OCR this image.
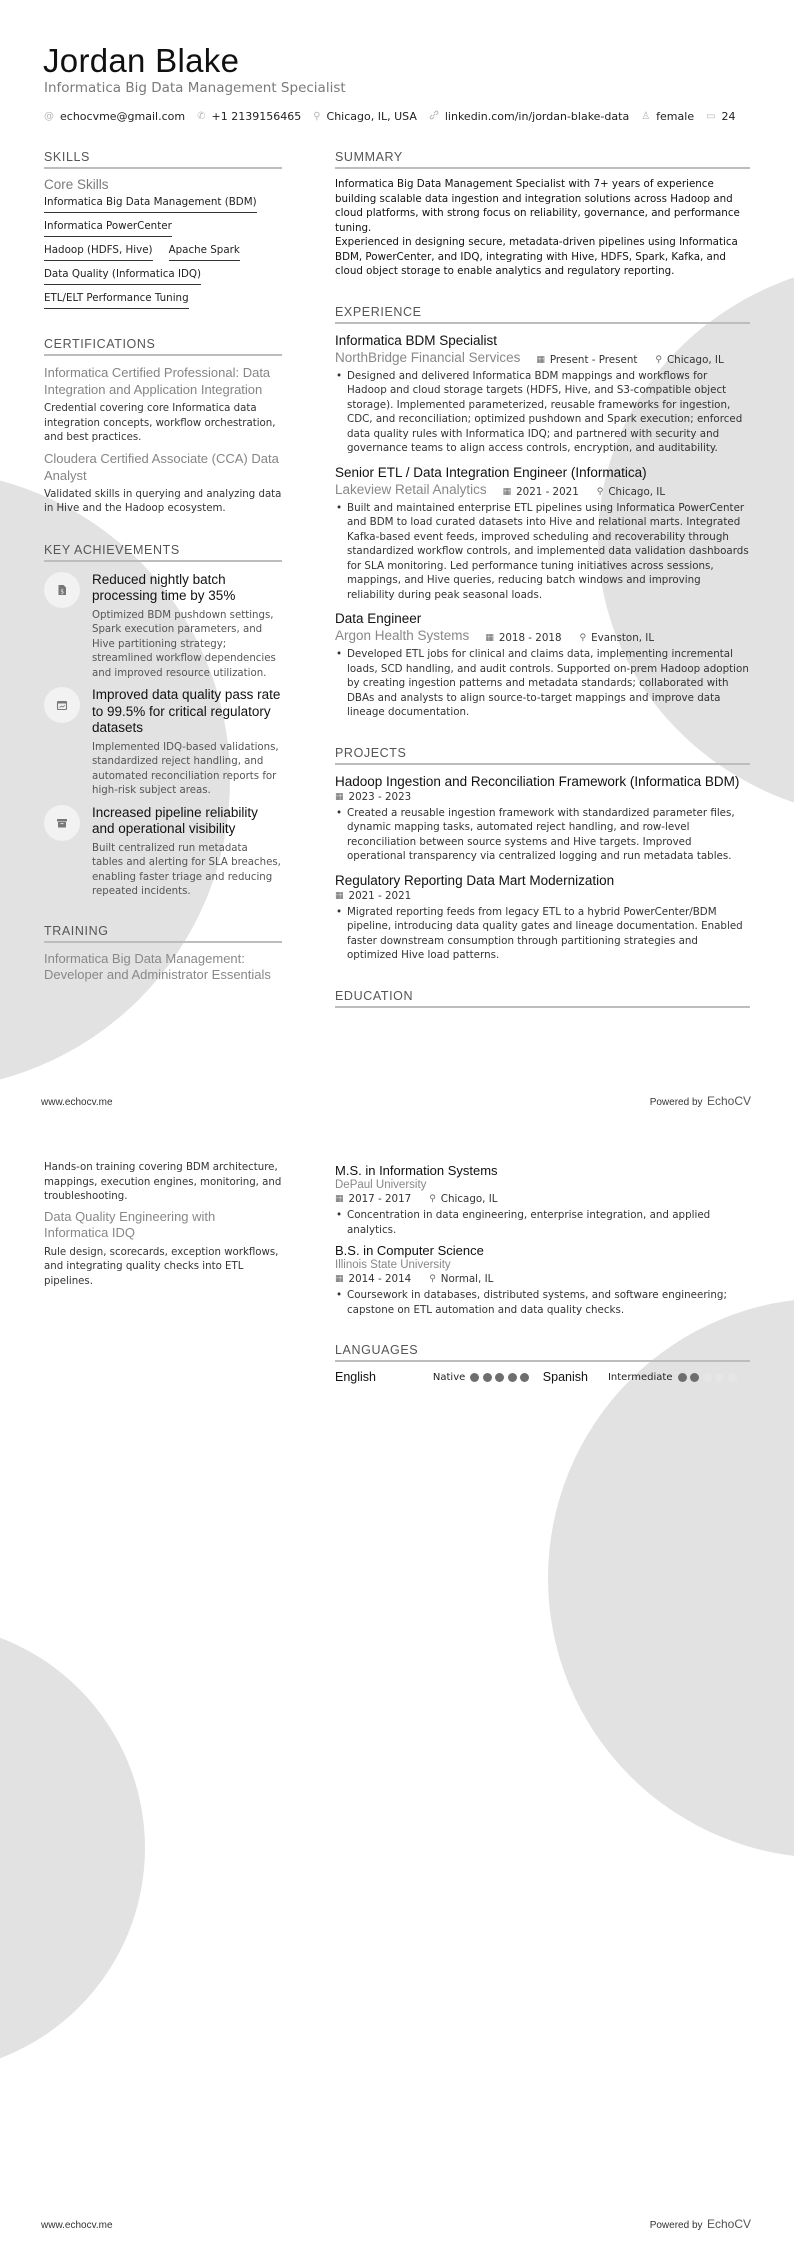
Jordan Blake
Informatica Big Data Management Specialist
@ echocvme@gmail.com ✆ +1 2139156465 ⚲ Chicago, IL, USA	linkedin.com/in/jordan-blake-data ♙ female ▭ 24
SKILLS
Core Skills
Informatica Big Data Management (BDM)
Informatica PowerCenter
Hadoop (HDFS, Hive) Apache Spark
Data Quality (Informatica IDQ)
ETL/ELT Performance Tuning
CERTIFICATIONS
Informatica Certified Professional: Data Integration and Application Integration
Credential covering core Informatica data integration concepts, workflow orchestration, and best practices.
Cloudera Certified Associate (CCA) Data Analyst
Validated skills in querying and analyzing data in Hive and the Hadoop ecosystem.
KEY ACHIEVEMENTS
$
Reduced nightly batch processing time by 35%
Optimized BDM pushdown settings, Spark execution parameters, and Hive partitioning strategy; streamlined workflow dependencies and improved resource utilization.
Improved data quality pass rate to 99.5% for critical regulatory datasets
Implemented IDQ-based validations, standardized reject handling, and automated reconciliation reports for high-risk subject areas.
Increased pipeline reliability and operational visibility
Built centralized run metadata tables and alerting for SLA breaches, enabling faster triage and reducing repeated incidents.
TRAINING
Informatica Big Data Management: Developer and Administrator Essentials
SUMMARY

Informatica Big Data Management Specialist with 7+ years of experience building scalable data ingestion and integration solutions across Hadoop and cloud platforms, with strong focus on reliability, governance, and performance tuning.

Experienced in designing secure, metadata-driven pipelines using Informatica BDM, PowerCenter, and IDQ, integrating with Hive, HDFS, Spark, Kafka, and cloud object storage to enable analytics and regulatory reporting.

EXPERIENCE
Informatica BDM Specialist
NorthBridge Financial Services ▦ Present - Present ⚲ Chicago, IL
• Designed and delivered Informatica BDM mappings and workflows for Hadoop and cloud storage targets (HDFS, Hive, and S3-compatible object storage). Implemented parameterized, reusable frameworks for ingestion, CDC, and reconciliation; optimized pushdown and Spark execution; enforced data quality rules with Informatica IDQ; and partnered with security and governance teams to align access controls, encryption, and auditability.
Senior ETL / Data Integration Engineer (Informatica)
Lakeview Retail Analytics ▦ 2021 - 2021 ⚲ Chicago, IL
• Built and maintained enterprise ETL pipelines using Informatica PowerCenter and BDM to load curated datasets into Hive and relational marts. Integrated Kafka-based event feeds, improved scheduling and recoverability through standardized workflow controls, and implemented data validation dashboards for SLA monitoring. Led performance tuning initiatives across sessions, mappings, and Hive queries, reducing batch windows and improving reliability during peak seasonal loads.
Data Engineer
Argon Health Systems ▦ 2018 - 2018 ⚲ Evanston, IL
• Developed ETL jobs for clinical and claims data, implementing incremental loads, SCD handling, and audit controls. Supported on-prem Hadoop adoption by creating ingestion patterns and metadata standards; collaborated with DBAs and analysts to align source-to-target mappings and improve data lineage documentation.
PROJECTS
Hadoop Ingestion and Reconciliation Framework (Informatica BDM)
▦ 2023 - 2023
• Created a reusable ingestion framework with standardized parameter files, dynamic mapping tasks, automated reject handling, and row-level reconciliation between source systems and Hive targets. Improved operational transparency via centralized logging and run metadata tables.
Regulatory Reporting Data Mart Modernization
▦ 2021 - 2021
• Migrated reporting feeds from legacy ETL to a hybrid PowerCenter/BDM pipeline, introducing data quality gates and lineage documentation. Enabled faster downstream consumption through partitioning strategies and optimized Hive load patterns.
EDUCATION
www.echocv.me	Powered by EchoCV
Hands-on training covering BDM architecture, mappings, execution engines, monitoring, and troubleshooting.
Data Quality Engineering with Informatica IDQ
Rule design, scorecards, exception workflows, and integrating quality checks into ETL pipelines.
M.S. in Information Systems
DePaul University
▦ 2017 - 2017 ⚲ Chicago, IL
• Concentration in data engineering, enterprise integration, and applied analytics.
B.S. in Computer Science
Illinois State University
▦ 2014 - 2014 ⚲ Normal, IL
• Coursework in databases, distributed systems, and software engineering; capstone on ETL automation and data quality checks.
LANGUAGES
English	Native	Spanish Intermediate
www.echocv.me	Powered by EchoCV
